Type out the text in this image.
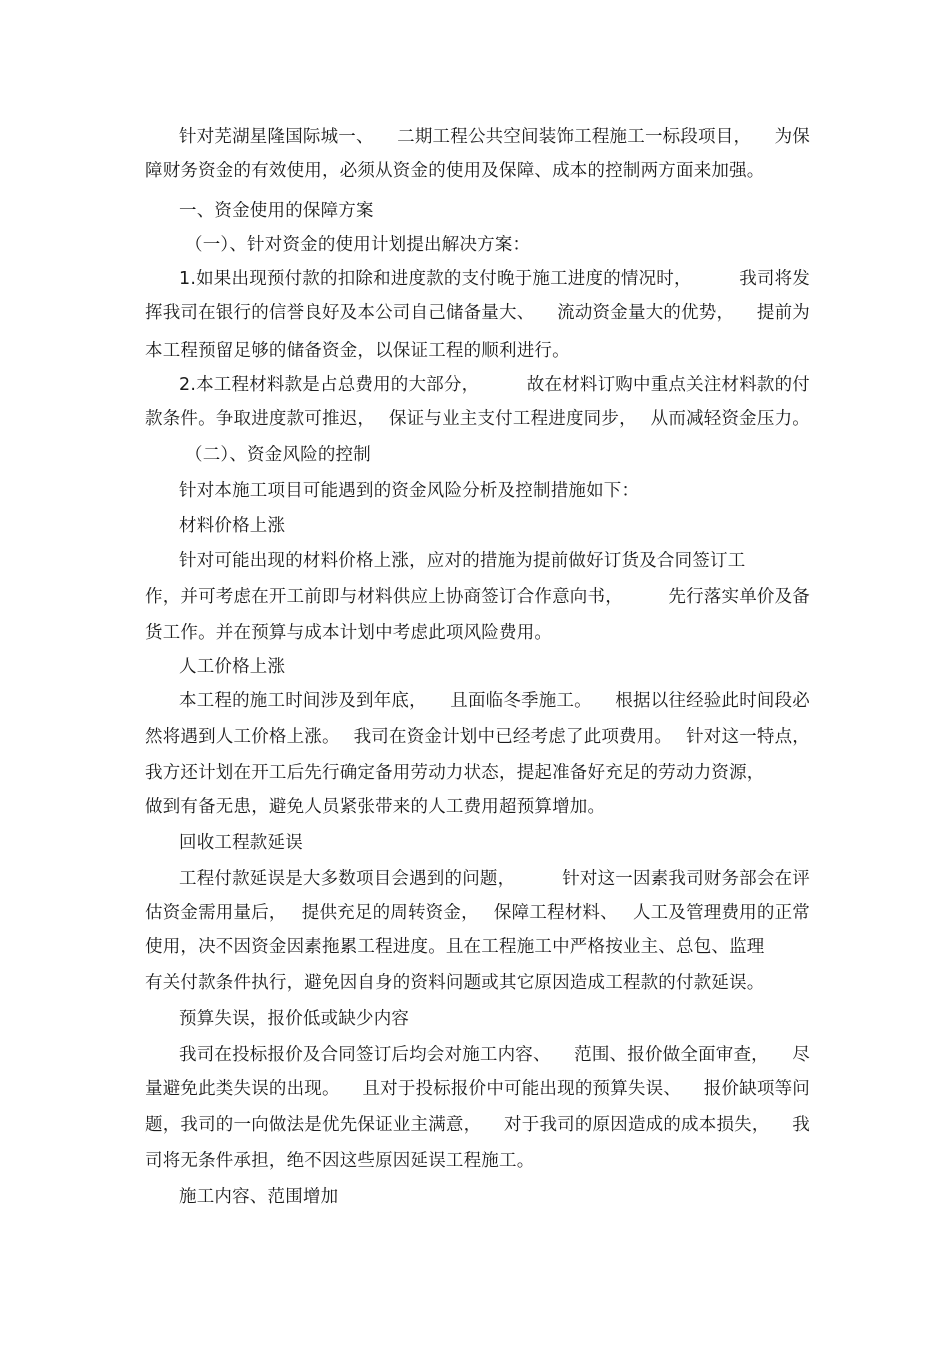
针对芜湖星隆国际城一、 二期工程公共空间装饰工程施工一标段项目， 为保
障财务资金的有效使用，必须从资金的使用及保障、成本的控制两方面来加强。
一、资金使用的保障方案
（一）、针对资金的使用计划提出解决方案：
1.如果出现预付款的扣除和进度款的支付晚于施工进度的情况时，	我司将发
挥我司在银行的信誉良好及本公司自己储备量大、 流动资金量大的优势， 提前为
本工程预留足够的储备资金，以保证工程的顺利进行。
2.本工程材料款是占总费用的大部分，	故在材料订购中重点关注材料款的付
款条件。争取进度款可推迟， 保证与业主支付工程进度同步， 从而减轻资金压力。
（二）、资金风险的控制
针对本施工项目可能遇到的资金风险分析及控制措施如下：
材料价格上涨
针对可能出现的材料价格上涨，应对的措施为提前做好订货及合同签订工
作，并可考虑在开工前即与材料供应上协商签订合作意向书，	先行落实单价及备
货工作。并在预算与成本计划中考虑此项风险费用。
人工价格上涨
本工程的施工时间涉及到年底， 且面临冬季施工。 根据以往经验此时间段必
然将遇到人工价格上涨。 我司在资金计划中已经考虑了此项费用。 针对这一特点，
我方还计划在开工后先行确定备用劳动力状态，提起准备好充足的劳动力资源，
做到有备无患，避免人员紧张带来的人工费用超预算增加。
回收工程款延误
工程付款延误是大多数项目会遇到的问题，	针对这一因素我司财务部会在评
估资金需用量后， 提供充足的周转资金， 保障工程材料、 人工及管理费用的正常
使用，决不因资金因素拖累工程进度。且在工程施工中严格按业主、总包、监理
有关付款条件执行，避免因自身的资料问题或其它原因造成工程款的付款延误。
预算失误，报价低或缺少内容
我司在投标报价及合同签订后均会对施工内容、 范围、报价做全面审查， 尽
量避免此类失误的出现。 且对于投标报价中可能出现的预算失误、 报价缺项等问
题，我司的一向做法是优先保证业主满意， 对于我司的原因造成的成本损失， 我
司将无条件承担，绝不因这些原因延误工程施工。
施工内容、范围增加
